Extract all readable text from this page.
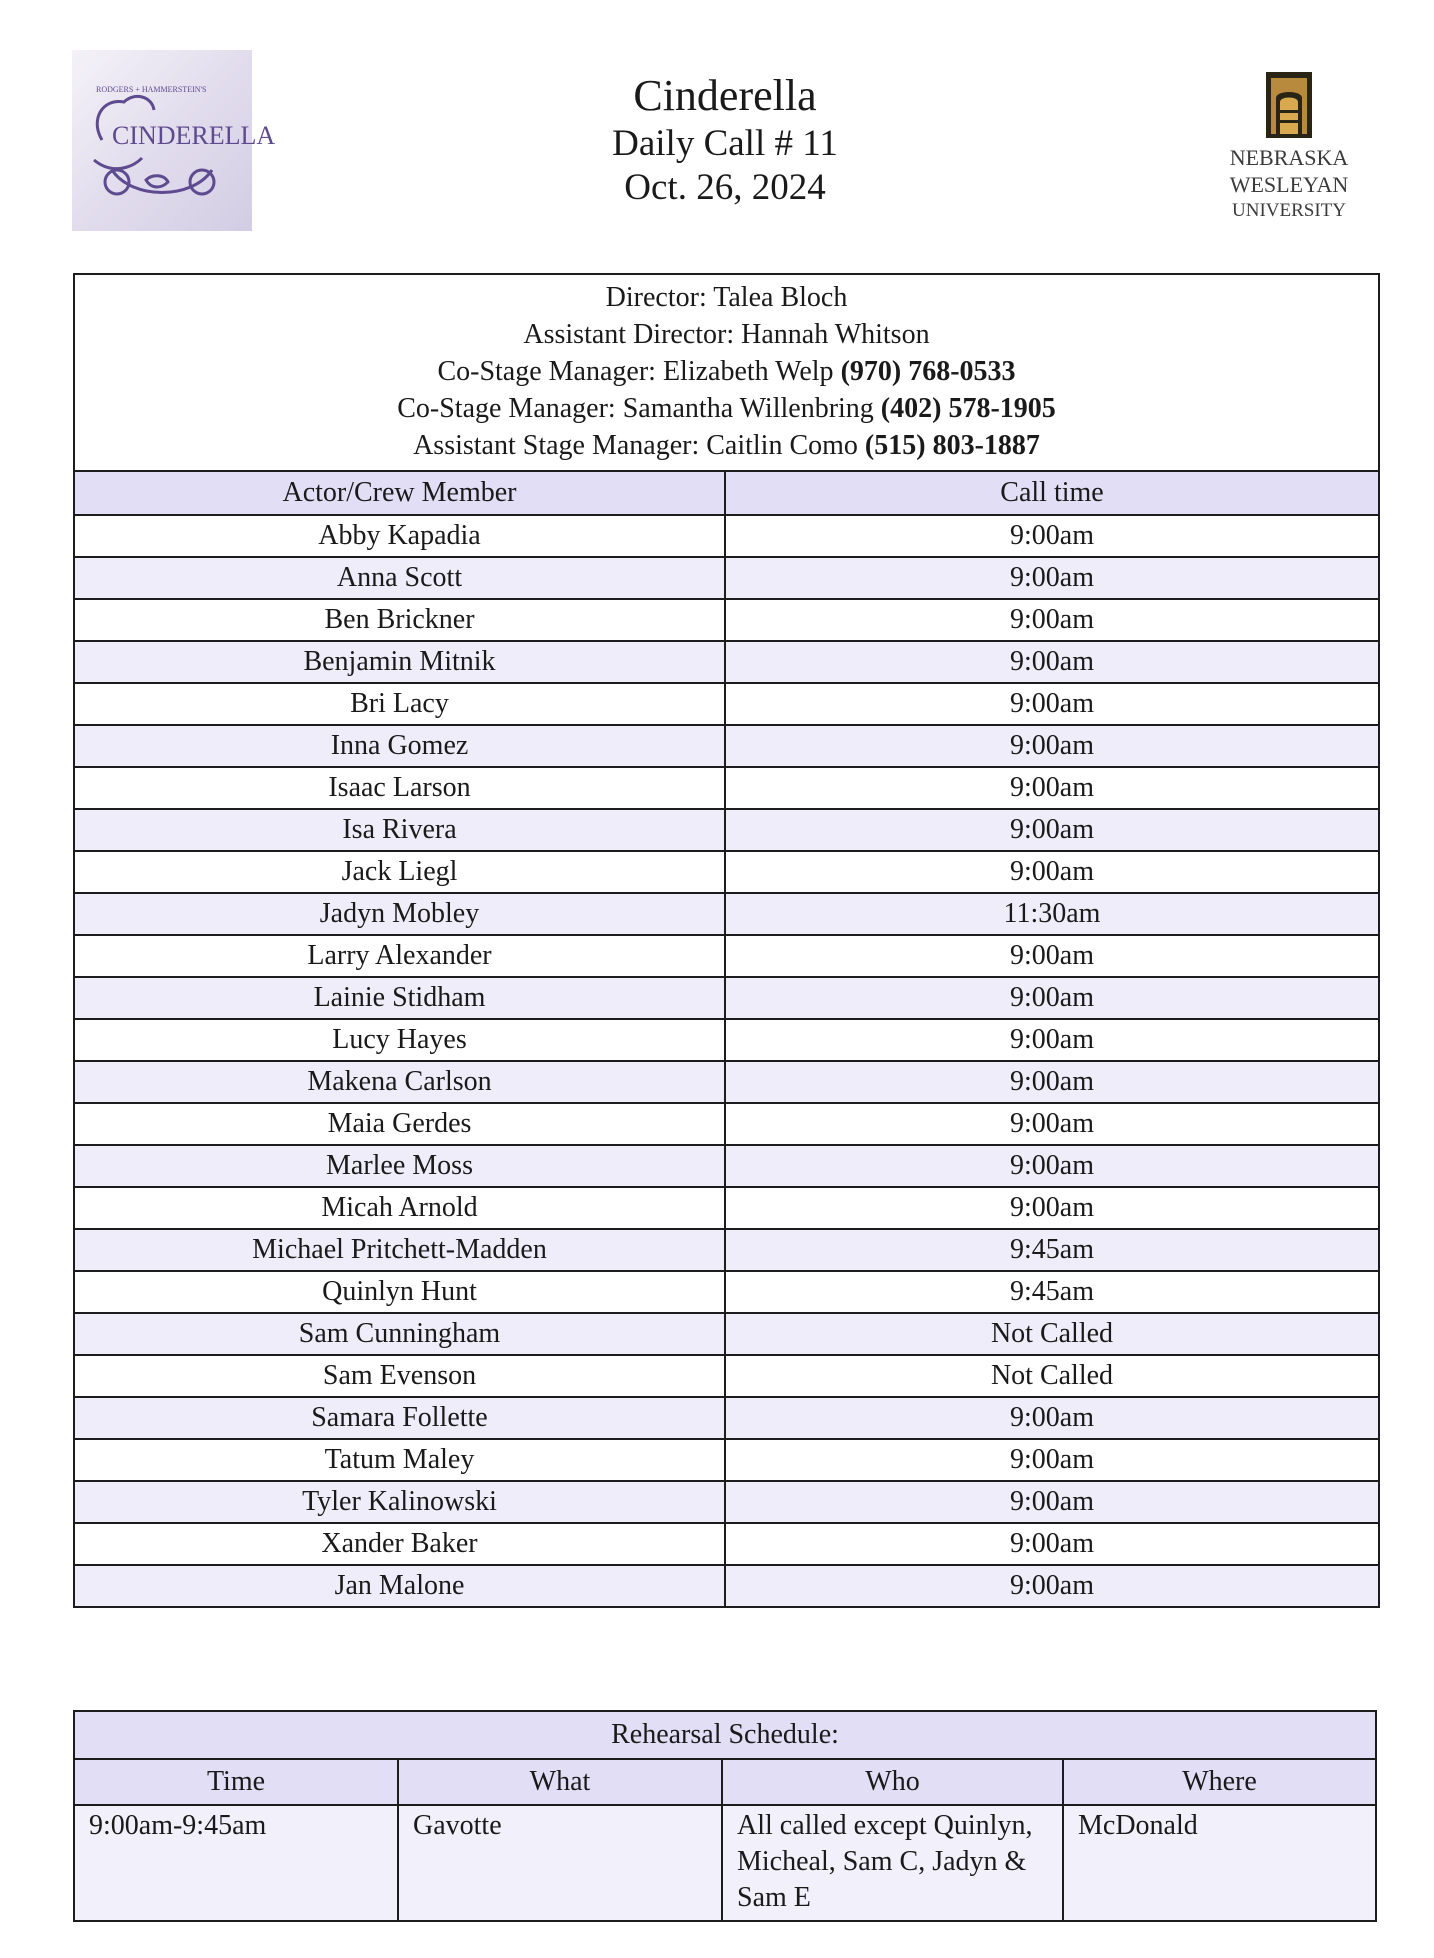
RODGERS + HAMMERSTEIN'S
CINDERELLA
Cinderella
Daily Call # 11
Oct. 26, 2024
NEBRASKA
WESLEYAN
UNIVERSITY
Director: Talea Bloch
Assistant Director: Hannah Whitson
Co-Stage Manager: Elizabeth Welp (970) 768-0533
Co-Stage Manager: Samantha Willenbring (402) 578-1905
Assistant Stage Manager: Caitlin Como (515) 803-1887	

Actor/Crew Member	Call time
Abby Kapadia	9:00am
Anna Scott	9:00am
Ben Brickner	9:00am
Benjamin Mitnik	9:00am
Bri Lacy	9:00am
Inna Gomez	9:00am
Isaac Larson	9:00am
Isa Rivera	9:00am
Jack Liegl	9:00am
Jadyn Mobley	11:30am
Larry Alexander	9:00am
Lainie Stidham	9:00am
Lucy Hayes	9:00am
Makena Carlson	9:00am
Maia Gerdes	9:00am
Marlee Moss	9:00am
Micah Arnold	9:00am
Michael Pritchett-Madden	9:45am
Quinlyn Hunt	9:45am
Sam Cunningham	Not Called
Sam Evenson	Not Called
Samara Follette	9:00am
Tatum Maley	9:00am
Tyler Kalinowski	9:00am
Xander Baker	9:00am
Jan Malone	9:00am
Rehearsal Schedule:			
Time	What	Who	Where
9:00am-9:45am	Gavotte	All called except Quinlyn, Micheal, Sam C, Jadyn & Sam E	McDonald
